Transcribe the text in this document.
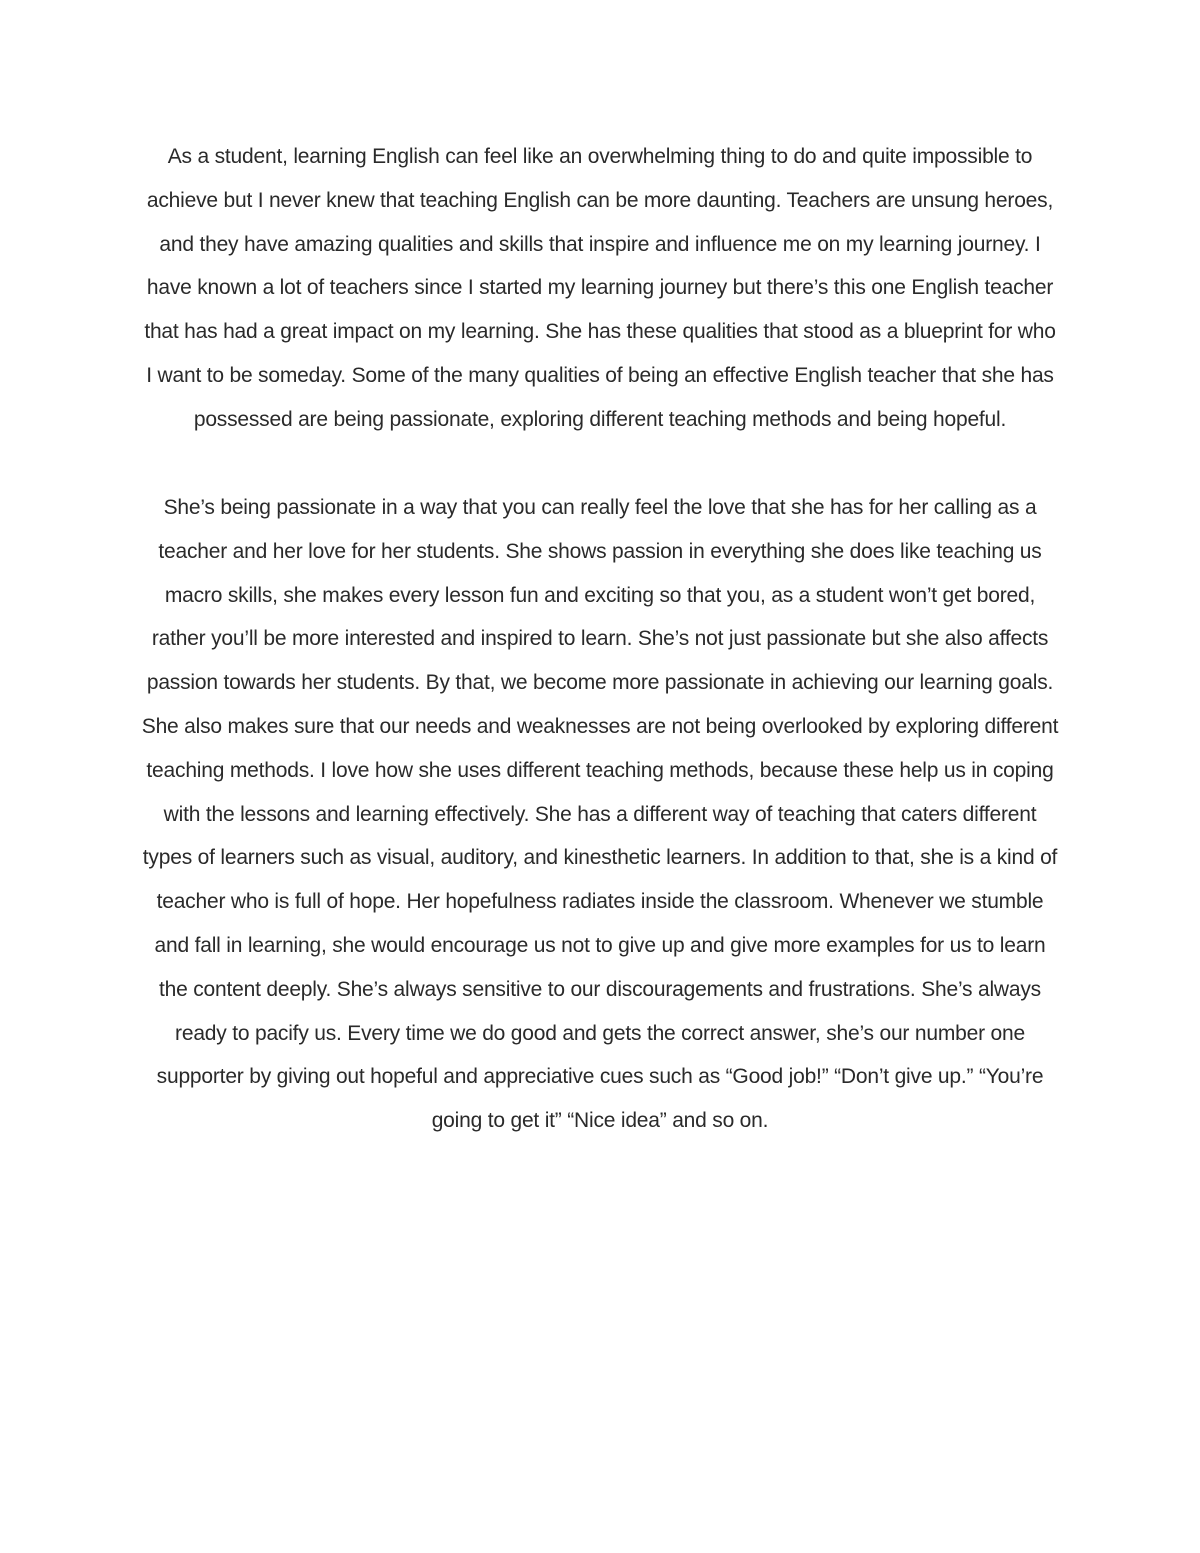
As a student, learning English can feel like an overwhelming thing to do and quite impossible to
achieve but I never knew that teaching English can be more daunting. Teachers are unsung heroes,
and they have amazing qualities and skills that inspire and influence me on my learning journey. I
have known a lot of teachers since I started my learning journey but there’s this one English teacher
that has had a great impact on my learning. She has these qualities that stood as a blueprint for who
I want to be someday. Some of the many qualities of being an effective English teacher that she has
possessed are being passionate, exploring different teaching methods and being hopeful.
She’s being passionate in a way that you can really feel the love that she has for her calling as a
teacher and her love for her students. She shows passion in everything she does like teaching us
macro skills, she makes every lesson fun and exciting so that you, as a student won’t get bored,
rather you’ll be more interested and inspired to learn. She’s not just passionate but she also affects
passion towards her students. By that, we become more passionate in achieving our learning goals.
She also makes sure that our needs and weaknesses are not being overlooked by exploring different
teaching methods. I love how she uses different teaching methods, because these help us in coping
with the lessons and learning effectively. She has a different way of teaching that caters different
types of learners such as visual, auditory, and kinesthetic learners. In addition to that, she is a kind of
teacher who is full of hope. Her hopefulness radiates inside the classroom. Whenever we stumble
and fall in learning, she would encourage us not to give up and give more examples for us to learn
the content deeply. She’s always sensitive to our discouragements and frustrations. She’s always
ready to pacify us. Every time we do good and gets the correct answer, she’s our number one
supporter by giving out hopeful and appreciative cues such as “Good job!” “Don’t give up.” “You’re
going to get it” “Nice idea” and so on.
